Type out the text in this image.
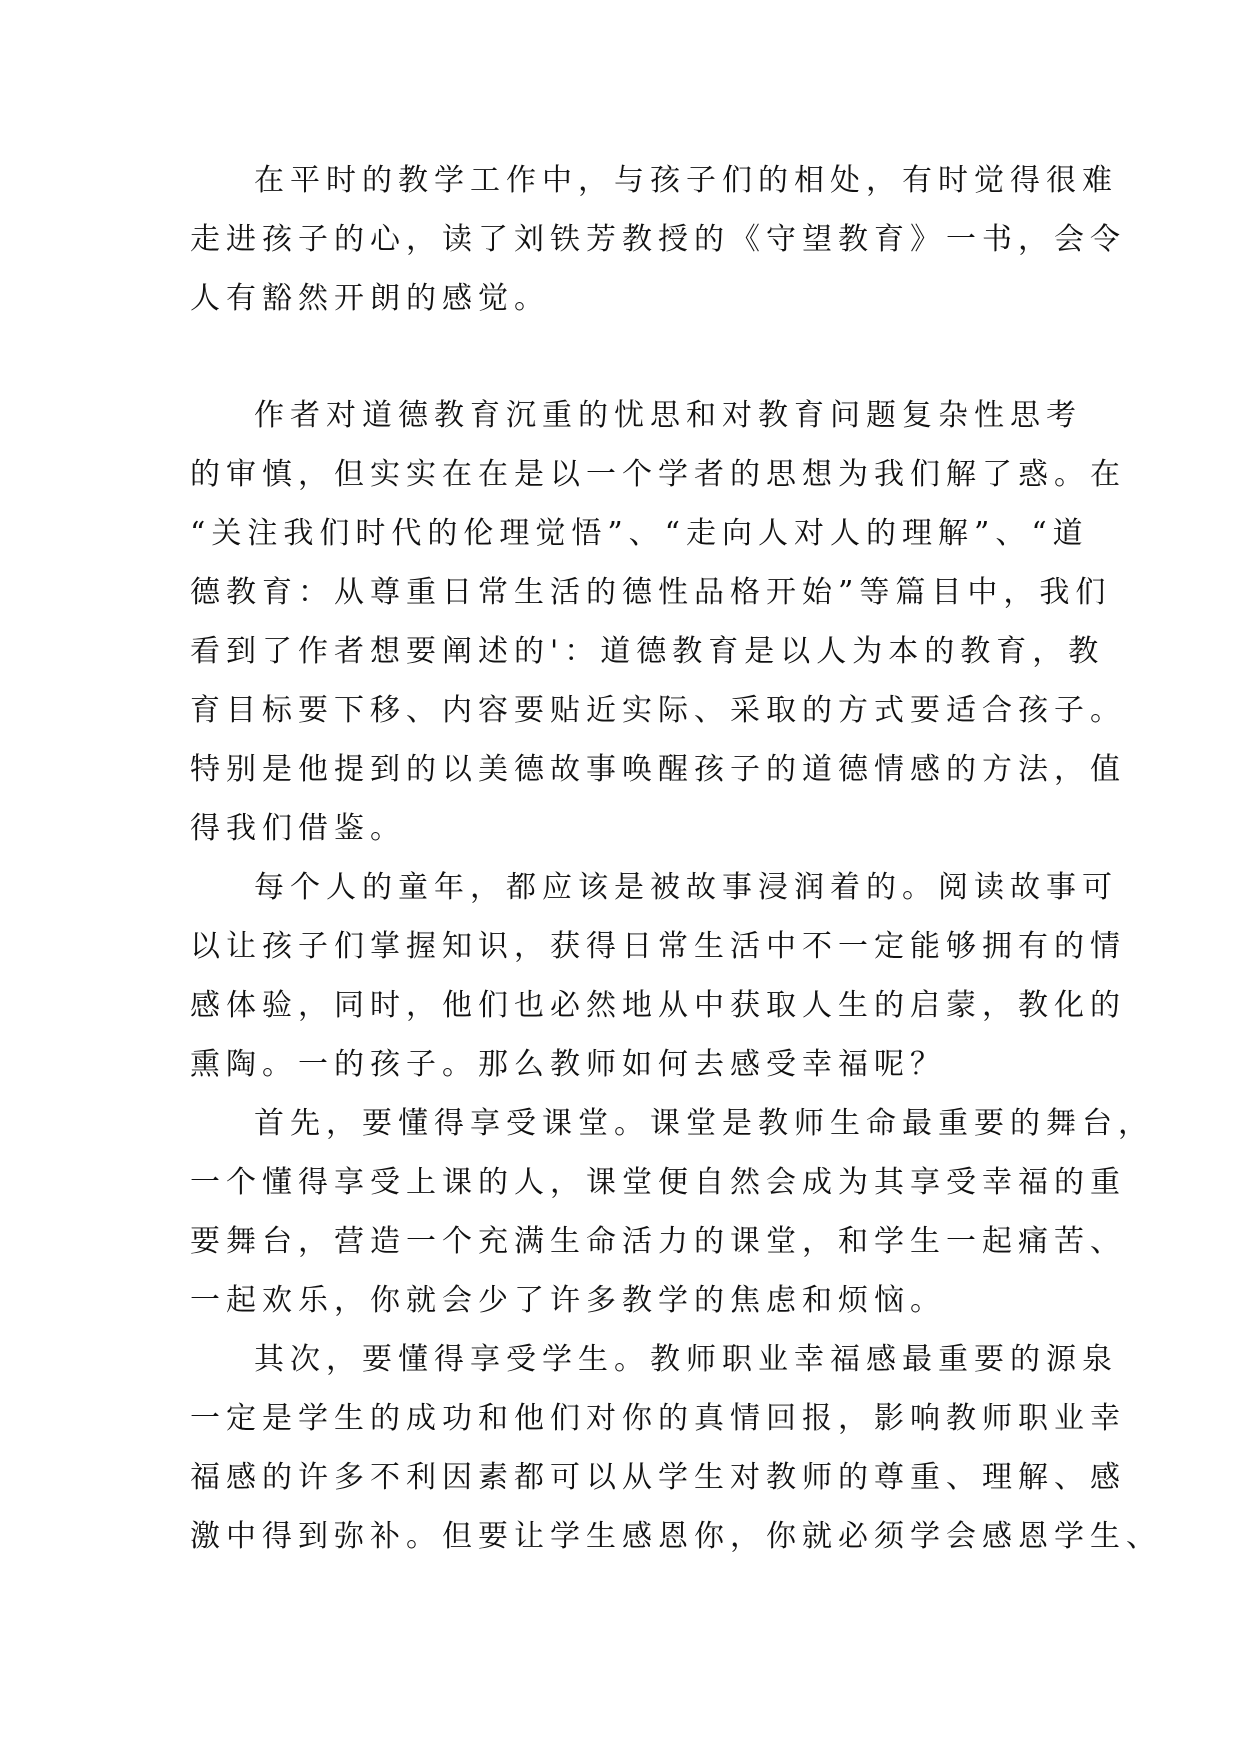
在平时的教学工作中，与孩子们的相处，有时觉得很难
走进孩子的心，读了刘铁芳教授的《守望教育》一书，会令
人有豁然开朗的感觉。
作者对道德教育沉重的忧思和对教育问题复杂性思考
的审慎，但实实在在是以一个学者的思想为我们解了惑。在
“关注我们时代的伦理觉悟”、“走向人对人的理解”、“道
德教育：从尊重日常生活的德性品格开始”等篇目中，我们
看到了作者想要阐述的'：道德教育是以人为本的教育，教
育目标要下移、内容要贴近实际、采取的方式要适合孩子。
特别是他提到的以美德故事唤醒孩子的道德情感的方法，值
得我们借鉴。
每个人的童年，都应该是被故事浸润着的。阅读故事可
以让孩子们掌握知识，获得日常生活中不一定能够拥有的情
感体验，同时，他们也必然地从中获取人生的启蒙，教化的
熏陶。一的孩子。那么教师如何去感受幸福呢？
首先，要懂得享受课堂。课堂是教师生命最重要的舞台，
一个懂得享受上课的人，课堂便自然会成为其享受幸福的重
要舞台，营造一个充满生命活力的课堂，和学生一起痛苦、
一起欢乐，你就会少了许多教学的焦虑和烦恼。
其次，要懂得享受学生。教师职业幸福感最重要的源泉
一定是学生的成功和他们对你的真情回报，影响教师职业幸
福感的许多不利因素都可以从学生对教师的尊重、理解、感
激中得到弥补。但要让学生感恩你，你就必须学会感恩学生、
